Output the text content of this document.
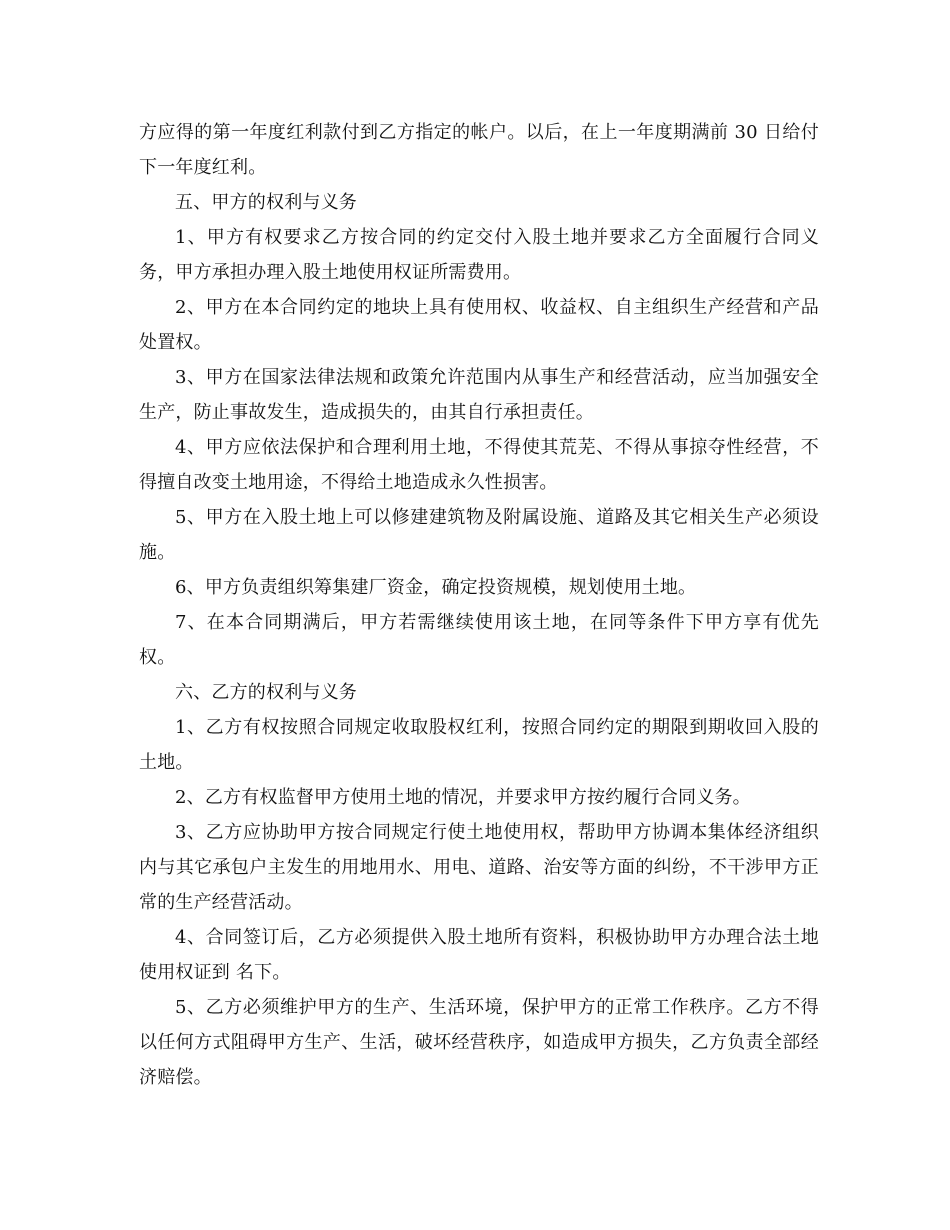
方应得的第一年度红利款付到乙方指定的帐户。以后，在上一年度期满前 30 日给付下一年度红利。

五、甲方的权利与义务

1、甲方有权要求乙方按合同的约定交付入股土地并要求乙方全面履行合同义务，甲方承担办理入股土地使用权证所需费用。

2、甲方在本合同约定的地块上具有使用权、收益权、自主组织生产经营和产品处置权。

3、甲方在国家法律法规和政策允许范围内从事生产和经营活动，应当加强安全生产，防止事故发生，造成损失的，由其自行承担责任。

4、甲方应依法保护和合理利用土地，不得使其荒芜、不得从事掠夺性经营，不得擅自改变土地用途，不得给土地造成永久性损害。

5、甲方在入股土地上可以修建建筑物及附属设施、道路及其它相关生产必须设施。

6、甲方负责组织筹集建厂资金，确定投资规模，规划使用土地。

7、在本合同期满后，甲方若需继续使用该土地，在同等条件下甲方享有优先权。

六、乙方的权利与义务

1、乙方有权按照合同规定收取股权红利，按照合同约定的期限到期收回入股的土地。

2、乙方有权监督甲方使用土地的情况，并要求甲方按约履行合同义务。

3、乙方应协助甲方按合同规定行使土地使用权，帮助甲方协调本集体经济组织内与其它承包户主发生的用地用水、用电、道路、治安等方面的纠纷，不干涉甲方正常的生产经营活动。

4、合同签订后，乙方必须提供入股土地所有资料，积极协助甲方办理合法土地使用权证到 名下。

5、乙方必须维护甲方的生产、生活环境，保护甲方的正常工作秩序。乙方不得以任何方式阻碍甲方生产、生活，破坏经营秩序，如造成甲方损失，乙方负责全部经济赔偿。
